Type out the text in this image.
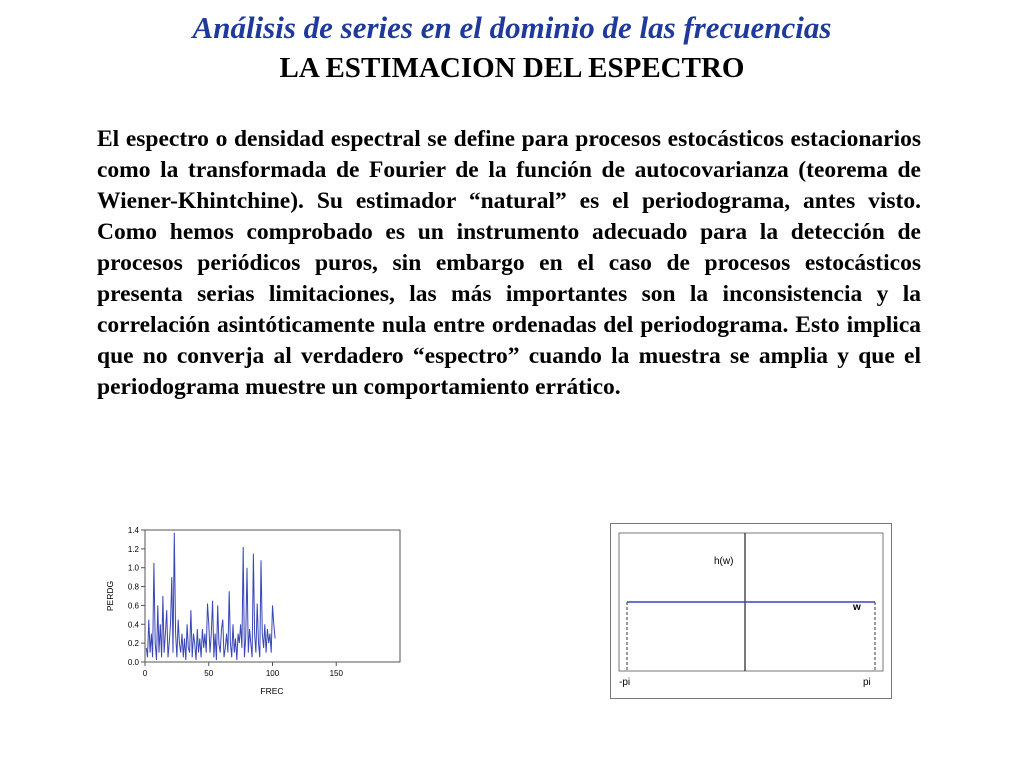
Análisis de series en el dominio de las frecuencias
LA ESTIMACION DEL ESPECTRO

El espectro o densidad espectral se define para procesos estocásticos estacionarios como la transformada de Fourier de la función de autocovarianza (teorema de Wiener-Khintchine). Su estimador “natural” es el periodograma, antes visto. Como hemos comprobado es un instrumento adecuado para la detección de procesos periódicos puros, sin embargo en el caso de procesos estocásticos presenta serias limitaciones, las más importantes son la inconsistencia y la correlación asintóticamente nula entre ordenadas del periodograma. Esto implica que no converja al verdadero “espectro” cuando la muestra se amplia y que el periodograma muestre un comportamiento errático.

0.0
0.2
0.4
0.6
0.8
1.0
1.2
1.4
0	50	100	150
PERDG
FREC
h(w)
w
-pi	pi
